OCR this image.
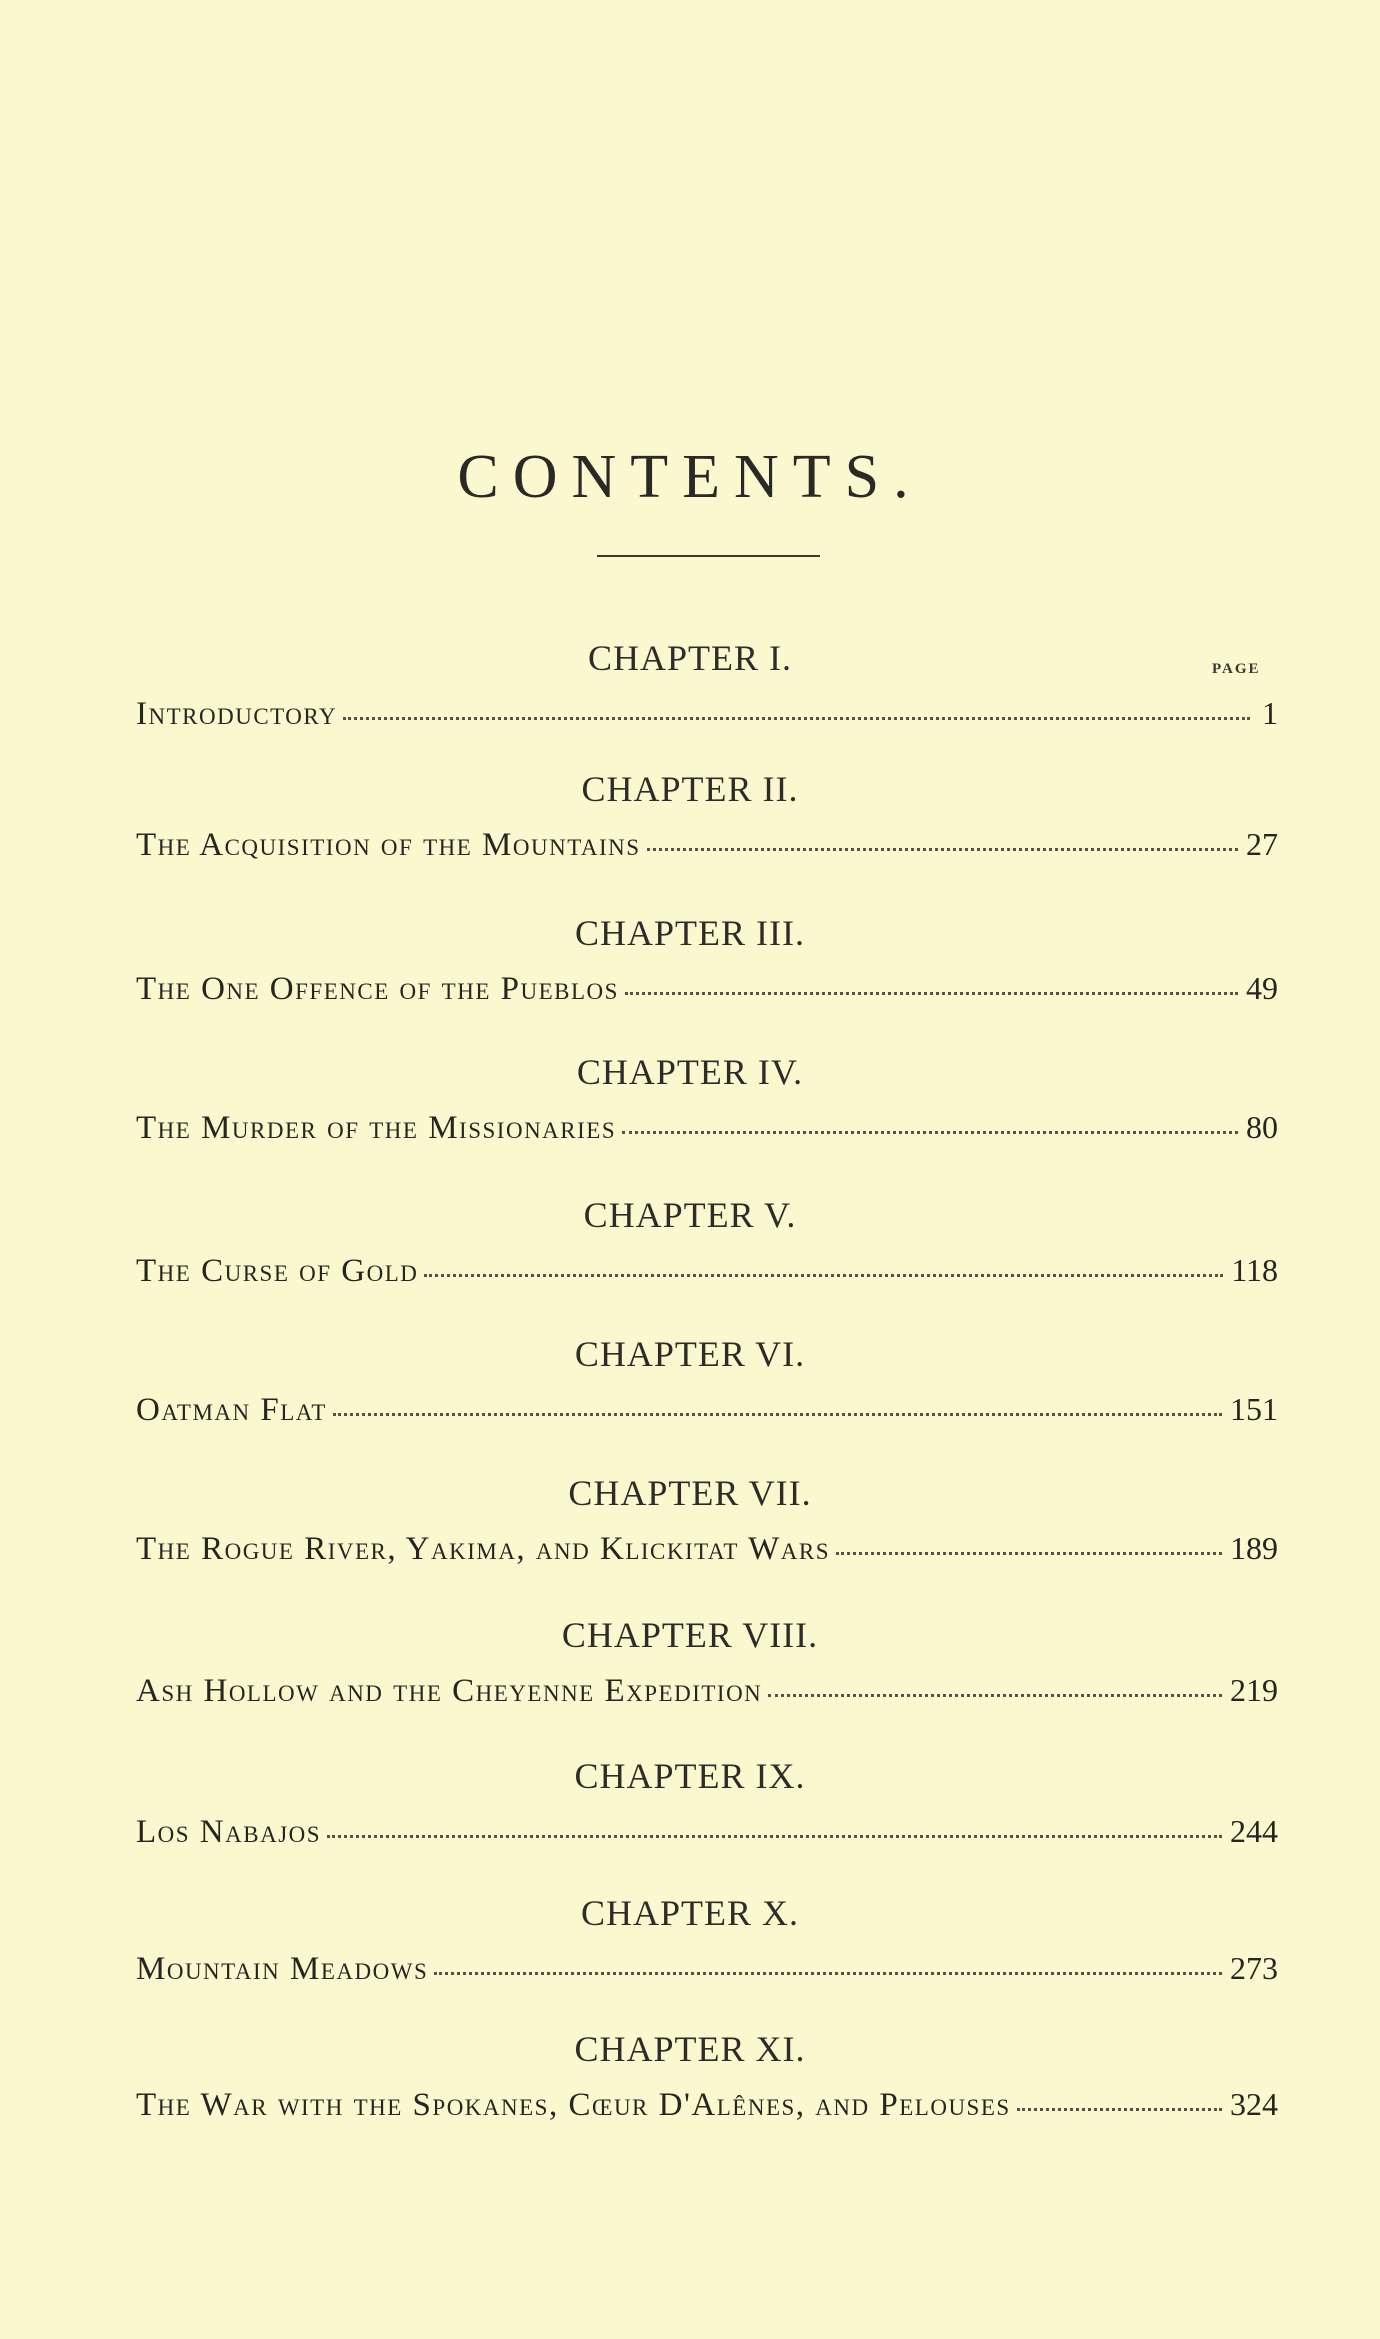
CONTENTS.
PAGE
CHAPTER I.
Introductory	1
CHAPTER II.
The Acquisition of the Mountains	27
CHAPTER III.
The One Offence of the Pueblos	49
CHAPTER IV.
The Murder of the Missionaries	80
CHAPTER V.
The Curse of Gold	118
CHAPTER VI.
Oatman Flat	151
CHAPTER VII.
The Rogue River, Yakima, and Klickitat Wars	189
CHAPTER VIII.
Ash Hollow and the Cheyenne Expedition	219
CHAPTER IX.
Los Nabajos	244
CHAPTER X.
Mountain Meadows	273
CHAPTER XI.
The War with the Spokanes, Cœur D'Alênes, and Pelouses	324
